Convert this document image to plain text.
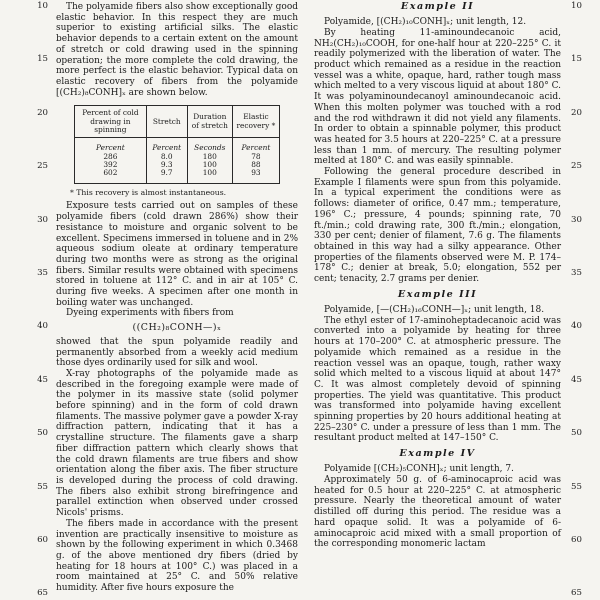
10
15
20
25
30
35
40
45
50
55
60
65
10
15
20
25
30
35
40
45
50
55
60
65

The polyamide fibers also show exceptionally good elastic behavior. In this respect they are much superior to existing artificial silks. The elastic behavior depends to a certain extent on the amount of stretch or cold drawing used in the spinning operation; the more complete the cold drawing, the more perfect is the elastic behavior. Typical data on elastic recovery of fibers from the polyamide [(CH₂)₈CONH]ₓ are shown below.

Percent of cold drawing in spinning	Stretch	Duration of stretch	Elastic recovery *
Percent	Percent	Seconds	Percent
286	8.0	180	78
392	9.3	100	88
602	9.7	100	93
* This recovery is almost instantaneous.

Exposure tests carried out on samples of these polyamide fibers (cold drawn 286%) show their resistance to moisture and organic solvent to be excellent. Specimens immersed in toluene and in 2% aqueous sodium oleate at ordinary temperature during two months were as strong as the original fibers. Similar results were obtained with specimens stored in toluene at 112° C. and in air at 105° C. during five weeks. A specimen after one month in boiling water was unchanged.

Dyeing experiments with fibers from

((CH₂)₈CONH—)ₓ

showed that the spun polyamide readily and permanently absorbed from a weekly acid medium those dyes ordinarily used for silk and wool.

X-ray photographs of the polyamide made as described in the foregoing example were made of the polymer in its massive state (solid polymer before spinning) and in the form of cold drawn filaments. The massive polymer gave a powder X-ray diffraction pattern, indicating that it has a crystalline structure. The filaments gave a sharp fiber diffraction pattern which clearly shows that the cold drawn filaments are true fibers and show orientation along the fiber axis. The fiber structure is developed during the process of cold drawing. The fibers also exhibit strong birefringence and parallel extinction when observed under crossed Nicols' prisms.

The fibers made in accordance with the present invention are practically insensitive to moisture as shown by the following experiment in which 0.3468 g. of the above mentioned dry fibers (dried by heating for 18 hours at 100° C.) was placed in a room maintained at 25° C. and 50% relative humidity. After five hours exposure the

Example II

Polyamide, [(CH₂)₁₀CONH]ₓ; unit length, 12.

By heating 11-aminoundecanoic acid, NH₂(CH₂)₁₀COOH, for one-half hour at 220–225° C. it readily polymerized with the liberation of water. The product which remained as a residue in the reaction vessel was a white, opaque, hard, rather tough mass which melted to a very viscous liquid at about 180° C. It was polyaminoundecanoyl aminoundecanoic acid. When this molten polymer was touched with a rod and the rod withdrawn it did not yield any filaments. In order to obtain a spinnable polymer, this product was heated for 3.5 hours at 220–225° C. at a pressure less than 1 mm. of mercury. The resulting polymer melted at 180° C. and was easily spinnable.

Following the general procedure described in Example I filaments were spun from this polyamide. In a typical experiment the conditions were as follows: diameter of orifice, 0.47 mm.; temperature, 196° C.; pressure, 4 pounds; spinning rate, 70 ft./min.; cold drawing rate, 300 ft./min.; elongation, 330 per cent; denier of filament, 7.6 g. The filaments obtained in this way had a silky appearance. Other properties of the filaments observed were M. P. 174–178° C.; denier at break, 5.0; elongation, 552 per cent; tenacity, 2.7 grams per denier.

Example III

Polyamide, [—(CH₂)₁₆CONH—]ₓ; unit length, 18.

The ethyl ester of 17-aminoheptadecanoic acid was converted into a polyamide by heating for three hours at 170–200° C. at atmospheric pressure. The polyamide which remained as a residue in the reaction vessel was an opaque, tough, rather waxy solid which melted to a viscous liquid at about 147° C. It was almost completely devoid of spinning properties. The yield was quantitative. This product was transformed into polyamide having excellent spinning properties by 20 hours additional heating at 225–230° C. under a pressure of less than 1 mm. The resultant product melted at 147–150° C.

Example IV

Polyamide [(CH₂)₅CONH]ₓ; unit length, 7.

Approximately 50 g. of 6-aminocaproic acid was heated for 0.5 hour at 220–225° C. at atmospheric pressure. Nearly the theoretical amount of water distilled off during this period. The residue was a hard opaque solid. It was a polyamide of 6-aminocaproic acid mixed with a small proportion of the corresponding monomeric lactam
